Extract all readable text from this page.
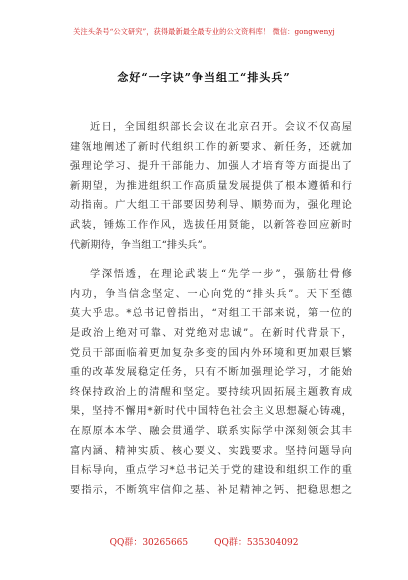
关注头条号“公文研究”，获得最新最全最专业的公文资料库！ 微信：gongwenyj
念好“一字诀”争当组工“排头兵”
近日，全国组织部长会议在北京召开。会议不仅高屋
建瓴地阐述了新时代组织工作的新要求、新任务，还就加
强理论学习、提升干部能力、加强人才培育等方面提出了
新期望，为推进组织工作高质量发展提供了根本遵循和行
动指南。广大组工干部要因势利导、顺势而为，强化理论
武装，锤炼工作作风，选拔任用贤能，以新答卷回应新时
代新期待，争当组工“排头兵”。
学深悟透，在理论武装上“先学一步”，强筋壮骨修
内功，争当信念坚定、一心向党的“排头兵”。天下至德
莫大乎忠。*总书记曾指出，“对组工干部来说，第一位的
是政治上绝对可靠、对党绝对忠诚”。在新时代背景下，
党员干部面临着更加复杂多变的国内外环境和更加艰巨繁
重的改革发展稳定任务，只有不断加强理论学习，才能始
终保持政治上的清醒和坚定。要持续巩固拓展主题教育成
果，坚持不懈用*新时代中国特色社会主义思想凝心铸魂，
在原原本本学、融会贯通学、联系实际学中深刻领会其丰
富内涵、精神实质、核心要义、实践要求。坚持问题导向
目标导向，重点学习*总书记关于党的建设和组织工作的重
要指示，不断筑牢信仰之基、补足精神之钙、把稳思想之
QQ群：30265665	QQ群：535304092
